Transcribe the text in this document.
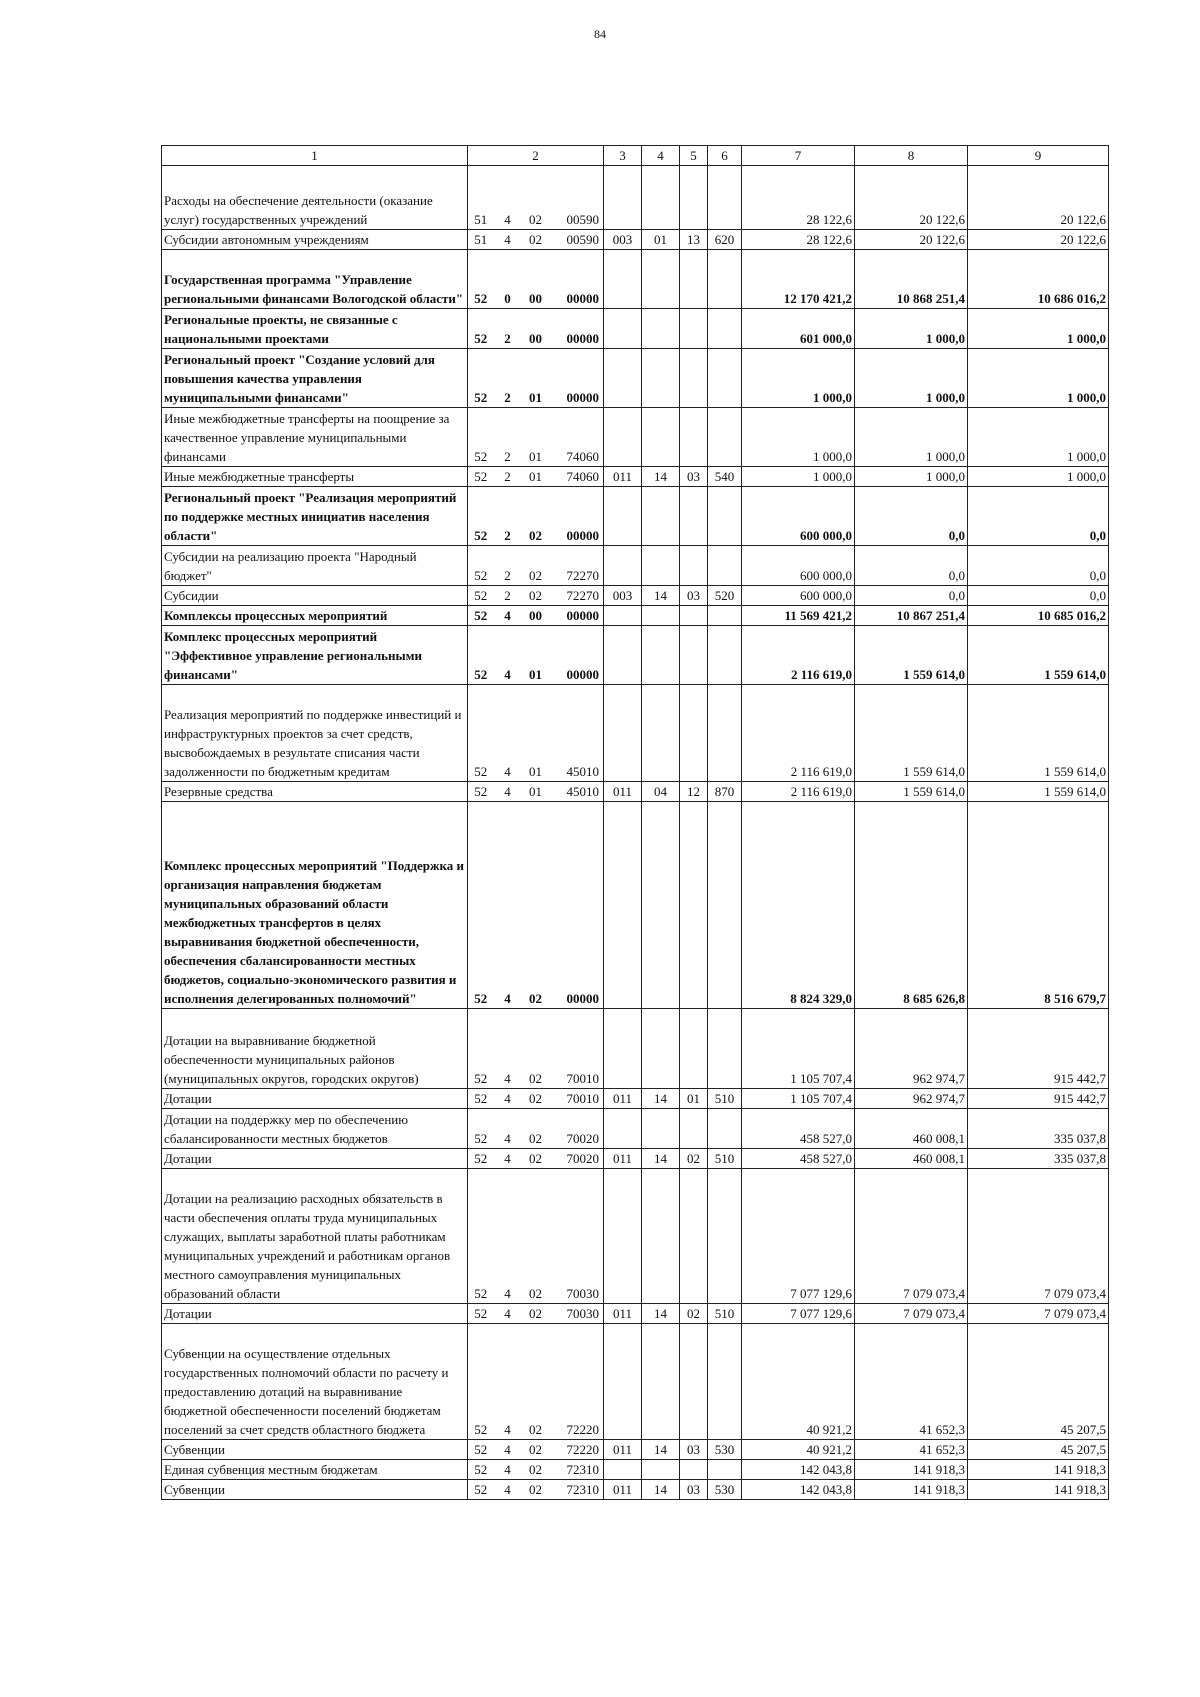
84
1	2				3	4	5	6	7	8	9
Расходы на обеспечение деятельности (оказание услуг) государственных учреждений	51	4	02	00590					28 122,6	20 122,6	20 122,6
Субсидии автономным учреждениям	51	4	02	00590	003	01	13	620	28 122,6	20 122,6	20 122,6
Государственная программа "Управление региональными финансами Вологодской области"	52	0	00	00000					12 170 421,2	10 868 251,4	10 686 016,2
Региональные проекты, не связанные с национальными проектами	52	2	00	00000					601 000,0	1 000,0	1 000,0
Региональный проект "Создание условий для повышения качества управления муниципальными финансами"	52	2	01	00000					1 000,0	1 000,0	1 000,0
Иные межбюджетные трансферты на поощрение за качественное управление муниципальными финансами	52	2	01	74060					1 000,0	1 000,0	1 000,0
Иные межбюджетные трансферты	52	2	01	74060	011	14	03	540	1 000,0	1 000,0	1 000,0
Региональный проект "Реализация мероприятий по поддержке местных инициатив населения области"	52	2	02	00000					600 000,0	0,0	0,0
Субсидии на реализацию проекта "Народный бюджет"	52	2	02	72270					600 000,0	0,0	0,0
Субсидии	52	2	02	72270	003	14	03	520	600 000,0	0,0	0,0
Комплексы процессных мероприятий	52	4	00	00000					11 569 421,2	10 867 251,4	10 685 016,2
Комплекс процессных мероприятий "Эффективное управление региональными финансами"	52	4	01	00000					2 116 619,0	1 559 614,0	1 559 614,0
Реализация мероприятий по поддержке инвестиций и инфраструктурных проектов за счет средств, высвобождаемых в результате списания части задолженности по бюджетным кредитам	52	4	01	45010					2 116 619,0	1 559 614,0	1 559 614,0
Резервные средства	52	4	01	45010	011	04	12	870	2 116 619,0	1 559 614,0	1 559 614,0
Комплекс процессных мероприятий "Поддержка и организация направления бюджетам муниципальных образований области межбюджетных трансфертов в целях выравнивания бюджетной обеспеченности, обеспечения сбалансированности местных бюджетов, социально-экономического развития и исполнения делегированных полномочий"	52	4	02	00000					8 824 329,0	8 685 626,8	8 516 679,7
Дотации на выравнивание бюджетной обеспеченности муниципальных районов (муниципальных округов, городских округов)	52	4	02	70010					1 105 707,4	962 974,7	915 442,7
Дотации	52	4	02	70010	011	14	01	510	1 105 707,4	962 974,7	915 442,7
Дотации на поддержку мер по обеспечению сбалансированности местных бюджетов	52	4	02	70020					458 527,0	460 008,1	335 037,8
Дотации	52	4	02	70020	011	14	02	510	458 527,0	460 008,1	335 037,8
Дотации на реализацию расходных обязательств в части обеспечения оплаты труда муниципальных служащих, выплаты заработной платы работникам муниципальных учреждений и работникам органов местного самоуправления муниципальных образований области	52	4	02	70030					7 077 129,6	7 079 073,4	7 079 073,4
Дотации	52	4	02	70030	011	14	02	510	7 077 129,6	7 079 073,4	7 079 073,4
Субвенции на осуществление отдельных государственных полномочий области по расчету и предоставлению дотаций на выравнивание бюджетной обеспеченности поселений бюджетам поселений за счет средств областного бюджета	52	4	02	72220					40 921,2	41 652,3	45 207,5
Субвенции	52	4	02	72220	011	14	03	530	40 921,2	41 652,3	45 207,5
Единая субвенция местным бюджетам	52	4	02	72310					142 043,8	141 918,3	141 918,3
Субвенции	52	4	02	72310	011	14	03	530	142 043,8	141 918,3	141 918,3
